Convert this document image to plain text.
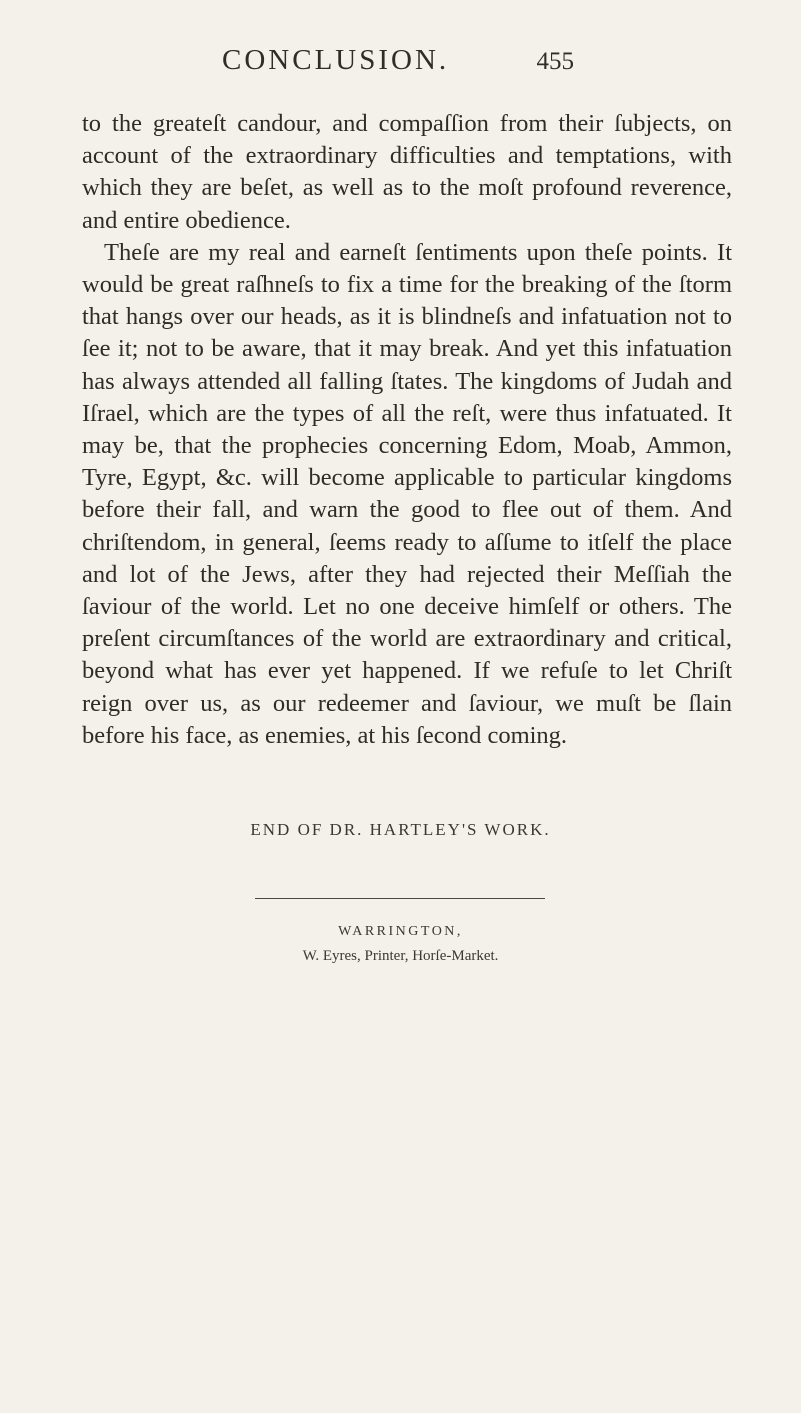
CONCLUSION.	455

to the greateſt candour, and compaſſion from their ſubjects, on account of the extraordinary difficulties and temptations, with which they are beſet, as well as to the moſt profound reverence, and entire obedience.

Theſe are my real and earneſt ſentiments upon theſe points. It would be great raſhneſs to fix a time for the breaking of the ſtorm that hangs over our heads, as it is blindneſs and infatuation not to ſee it; not to be aware, that it may break. And yet this infatuation has always attended all falling ſtates. The kingdoms of Judah and Iſrael, which are the types of all the reſt, were thus infatuated. It may be, that the prophecies concerning Edom, Moab, Ammon, Tyre, Egypt, &c. will become applicable to particular kingdoms before their fall, and warn the good to flee out of them. And chriſtendom, in general, ſeems ready to aſſume to itſelf the place and lot of the Jews, after they had rejected their Meſſiah the ſaviour of the world. Let no one deceive himſelf or others. The preſent circumſtances of the world are extraordinary and critical, beyond what has ever yet happened. If we refuſe to let Chriſt reign over us, as our redeemer and ſaviour, we muſt be ſlain before his face, as enemies, at his ſecond coming.

END OF DR. HARTLEY'S WORK.
WARRINGTON,
W. Eyres, Printer, Horſe-Market.
